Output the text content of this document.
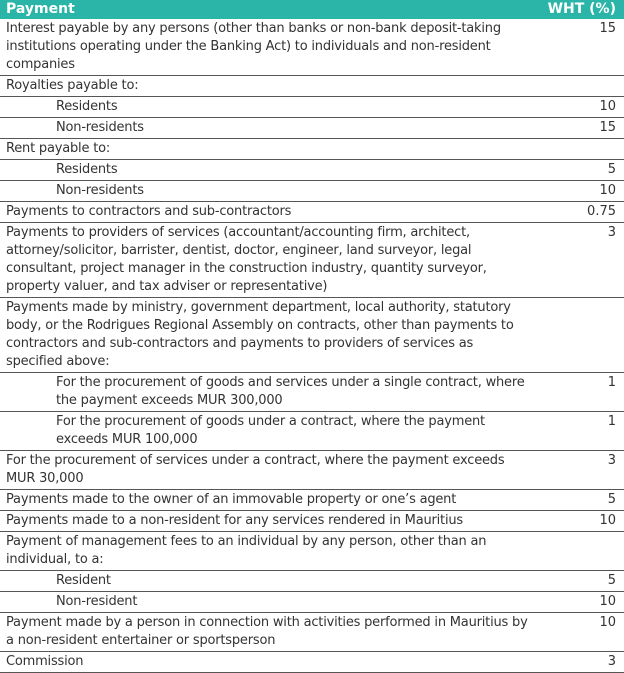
Payment	WHT (%)
Interest payable by any persons (other than banks or non-bank deposit-taking institutions operating under the Banking Act) to individuals and non-resident companies	15
Royalties payable to:	
Residents	10
Non-residents	15
Rent payable to:	
Residents	5
Non-residents	10
Payments to contractors and sub-contractors	0.75
Payments to providers of services (accountant/accounting firm, architect, attorney/solicitor, barrister, dentist, doctor, engineer, land surveyor, legal consultant, project manager in the construction industry, quantity surveyor, property valuer, and tax adviser or representative)	3
Payments made by ministry, government department, local authority, statutory body, or the Rodrigues Regional Assembly on contracts, other than payments to contractors and sub-contractors and payments to providers of services as specified above:	
For the procurement of goods and services under a single contract, where the payment exceeds MUR 300,000	1
For the procurement of goods under a contract, where the payment exceeds MUR 100,000	1
For the procurement of services under a contract, where the payment exceeds MUR 30,000	3
Payments made to the owner of an immovable property or one’s agent	5
Payments made to a non-resident for any services rendered in Mauritius	10
Payment of management fees to an individual by any person, other than an individual, to a:	
Resident	5
Non-resident	10
Payment made by a person in connection with activities performed in Mauritius by a non-resident entertainer or sportsperson	10
Commission	3
